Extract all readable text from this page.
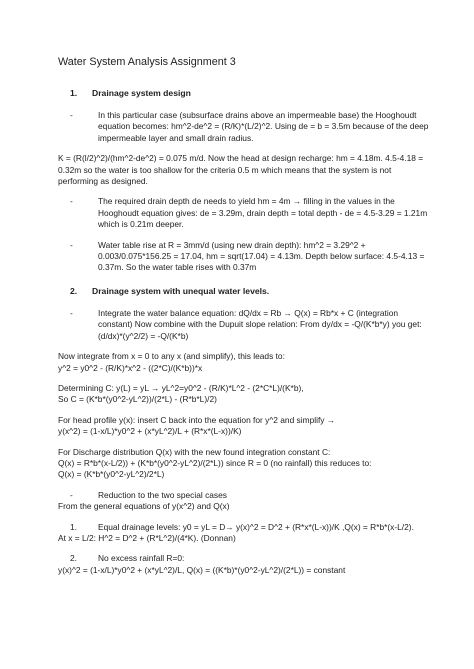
Water System Analysis Assignment 3
1.	Drainage system design
-	In this particular case (subsurface drains above an impermeable base) the Hooghoudt equation becomes: hm^2-de^2 = (R/K)*(L/2)^2. Using de = b = 3.5m because of the deep impermeable layer and small drain radius.

K = (R(l/2)^2)/(hm^2-de^2) = 0.075 m/d. Now the head at design recharge: hm = 4.18m. 4.5-4.18 = 0.32m so the water is too shallow for the criteria 0.5 m which means that the system is not performing as designed.

-	The required drain depth de needs to yield hm = 4m → filling in the values in the Hooghoudt equation gives: de = 3.29m, drain depth = total depth - de = 4.5-3.29 = 1.21m which is 0.21m deeper.
-	Water table rise at R = 3mm/d (using new drain depth): hm^2 = 3.29^2 + 0.003/0.075*156.25 = 17.04, hm = sqrt(17.04) = 4.13m. Depth below surface: 4.5-4.13 = 0.37m. So the water table rises with 0.37m
2.	Drainage system with unequal water levels.
-	Integrate the water balance equation: dQ/dx = Rb → Q(x) = Rb*x + C (integration constant) Now combine with the Dupuit slope relation: From dy/dx = -Q/(K*b*y) you get: (d/dx)*(y^2/2) = -Q/(K*b)

Now integrate from x = 0 to any x (and simplify), this leads to:

y^2 = y0^2 - (R/K)*x^2 - ((2*C)/(K*b))*x

Determining C: y(L) = yL → yL^2=y0^2 - (R/K)*L^2 - (2*C*L)/(K*b),

So C = (K*b*(y0^2-yL^2))/(2*L) - (R*b*L)/2)

For head profile y(x): insert C back into the equation for y^2 and simplify →

y(x^2) = (1-x/L)*y0^2 + (x*yL^2)/L + (R*x*(L-x))/K)

For Discharge distribution Q(x) with the new found integration constant C:

Q(x) = R*b*(x-L/2)) + (K*b*(y0^2-yL^2)/(2*L)) since R = 0 (no rainfall) this reduces to:

Q(x) = (K*b*(y0^2-yL^2)/2*L)

-	Reduction to the two special cases

From the general equations of y(x^2) and Q(x)

1.	Equal drainage levels: y0 = yL = D→ y(x)^2 = D^2 + (R*x*(L-x))/K ,Q(x) = R*b*(x-L/2).

At x = L/2: H^2 = D^2 + (R*L^2)/(4*K). (Donnan)

2.	No excess rainfall R=0:

y(x)^2 = (1-x/L)*y0^2 + (x*yL^2)/L, Q(x) = ((K*b)*(y0^2-yL^2)/(2*L)) = constant
